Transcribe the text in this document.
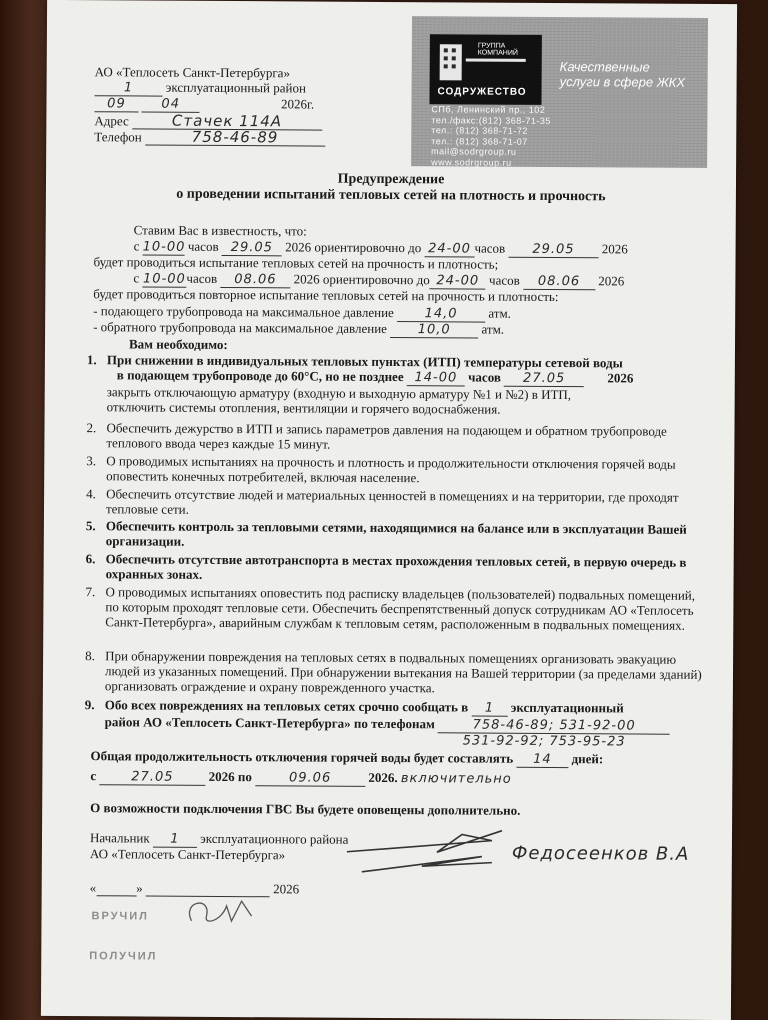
АО «Теплосеть Санкт-Петербурга»
1	эксплуатационный район
09	04	2026г.
Адрес	Стачек 114А
Телефон	758-46-89
ГРУППА КОМПАНИЙ
СОДРУЖЕСТВО
Качественные
услуги в сфере ЖКХ
СПб, Ленинский пр., 102
тел./факс:(812) 368-71-35
тел.: (812) 368-71-72
тел.: (812) 368-71-07
mail@sodrgroup.ru
www.sodrgroup.ru
Предупреждение
о проведении испытаний тепловых сетей на плотность и прочность
Ставим Вас в известность, что:
с 10-00 часов 29.05 2026 ориентировочно до 24-00 часов 29.05 2026
будет проводиться испытание тепловых сетей на прочность и плотность;
с 10-00часов 08.06 2026 ориентировочно до 24-00 часов 08.06 2026
будет проводиться повторное испытание тепловых сетей на прочность и плотность:
- подающего трубопровода на максимальное давление 14,0 атм.
- обратного трубопровода на максимальное давление 10,0 атм.
Вам необходимо:
1. При снижении в индивидуальных тепловых пунктах (ИТП) температуры сетевой воды
в подающем трубопроводе до 60°С, но не позднее 14-00 часов 27.05	2026
закрыть отключающую арматуру (входную и выходную арматуру №1 и №2) в ИТП,
отключить системы отопления, вентиляции и горячего водоснабжения.
2. Обеспечить дежурство в ИТП и запись параметров давления на подающем и обратном трубопроводе теплового ввода через каждые 15 минут.
3. О проводимых испытаниях на прочность и плотность и продолжительности отключения горячей воды оповестить конечных потребителей, включая население.
4. Обеспечить отсутствие людей и материальных ценностей в помещениях и на территории, где проходят тепловые сети.
5. Обеспечить контроль за тепловыми сетями, находящимися на балансе или в эксплуатации Вашей организации.
6. Обеспечить отсутствие автотранспорта в местах прохождения тепловых сетей, в первую очередь в охранных зонах.
7. О проводимых испытаниях оповестить под расписку владельцев (пользователей) подвальных помещений, по которым проходят тепловые сети. Обеспечить беспрепятственный допуск сотрудникам АО «Теплосеть Санкт-Петербурга», аварийным службам к тепловым сетям, расположенным в подвальных помещениях.
8. При обнаружении повреждения на тепловых сетях в подвальных помещениях организовать эвакуацию людей из указанных помещений. При обнаружении вытекания на Вашей территории (за пределами зданий) организовать ограждение и охрану поврежденного участка.
9. Обо всех повреждениях на тепловых сетях срочно сообщать в 1 эксплуатационный
район АО «Теплосеть Санкт-Петербурга» по телефонам	758-46-89; 531-92-00
531-92-92; 753-95-23
Общая продолжительность отключения горячей воды будет составлять 14 дней:
с	27.05	2026 по	09.06	2026. включительно
О возможности подключения ГВС Вы будете оповещены дополнительно.
Начальник 1 эксплуатационного района
АО «Теплосеть Санкт-Петербурга»	Федосеенков В.А
«	»	2026
ВРУЧИЛ
ПОЛУЧИЛ
